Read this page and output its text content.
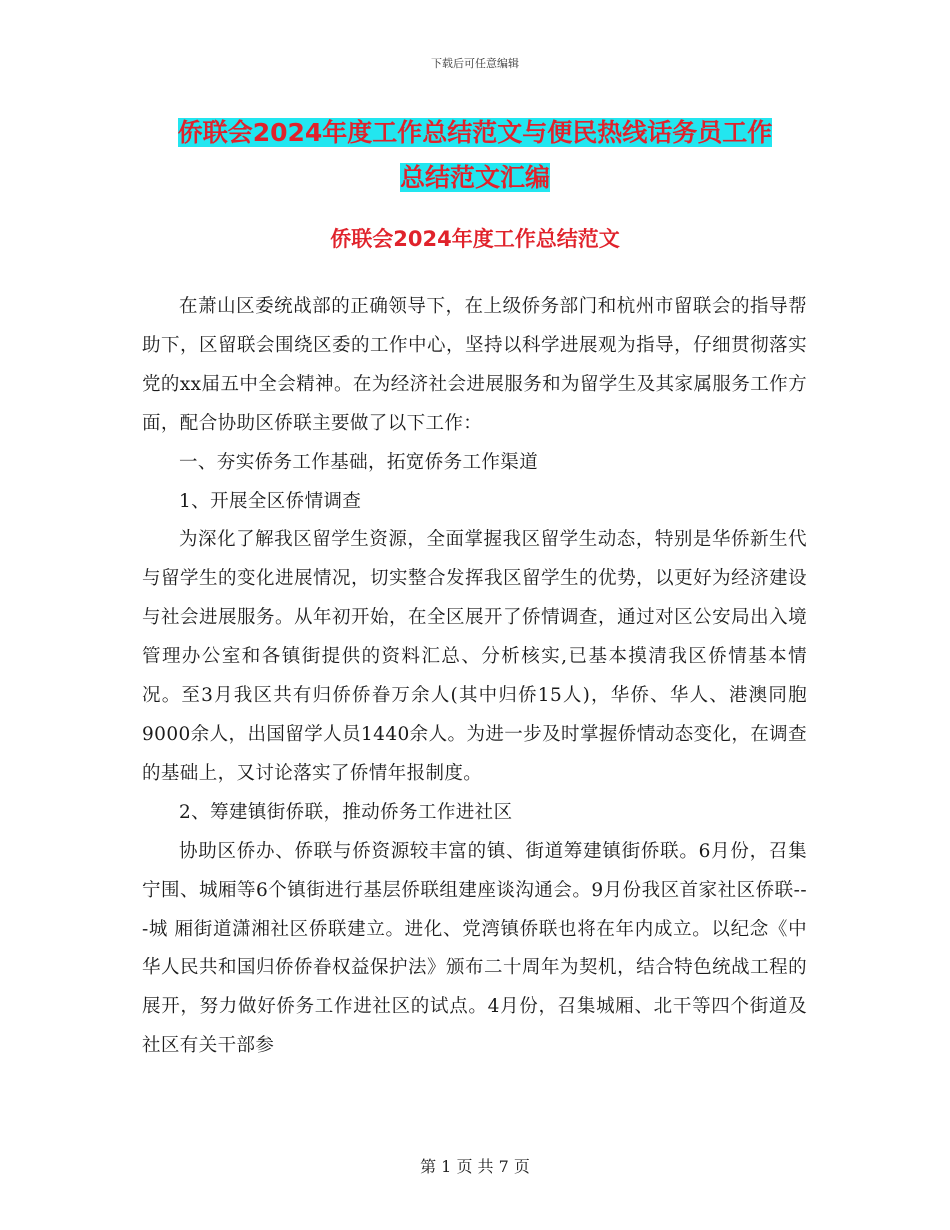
下载后可任意编辑
侨联会2024年度工作总结范文与便民热线话务员工作
总结范文汇编
侨联会2024年度工作总结范文

在萧山区委统战部的正确领导下，在上级侨务部门和杭州市留联会的指导帮助下，区留联会围绕区委的工作中心，坚持以科学进展观为指导，仔细贯彻落实党的xx届五中全会精神。在为经济社会进展服务和为留学生及其家属服务工作方面，配合协助区侨联主要做了以下工作：

一、夯实侨务工作基础，拓宽侨务工作渠道

1、开展全区侨情调查

为深化了解我区留学生资源，全面掌握我区留学生动态，特别是华侨新生代与留学生的变化进展情况，切实整合发挥我区留学生的优势，以更好为经济建设与社会进展服务。从年初开始，在全区展开了侨情调查，通过对区公安局出入境管理办公室和各镇街提供的资料汇总、分析核实,已基本摸清我区侨情基本情况。至3月我区共有归侨侨眷万余人(其中归侨15人)，华侨、华人、港澳同胞9000余人，出国留学人员1440余人。为进一步及时掌握侨情动态变化，在调查的基础上，又讨论落实了侨情年报制度。

2、筹建镇街侨联，推动侨务工作进社区

协助区侨办、侨联与侨资源较丰富的镇、街道筹建镇街侨联。6月份，召集宁围、城厢等6个镇街进行基层侨联组建座谈沟通会。9月份我区首家社区侨联---城 厢街道潇湘社区侨联建立。进化、党湾镇侨联也将在年内成立。以纪念《中华人民共和国归侨侨眷权益保护法》颁布二十周年为契机，结合特色统战工程的展开，努力做好侨务工作进社区的试点。4月份，召集城厢、北干等四个街道及社区有关干部参

第 1 页 共 7 页
